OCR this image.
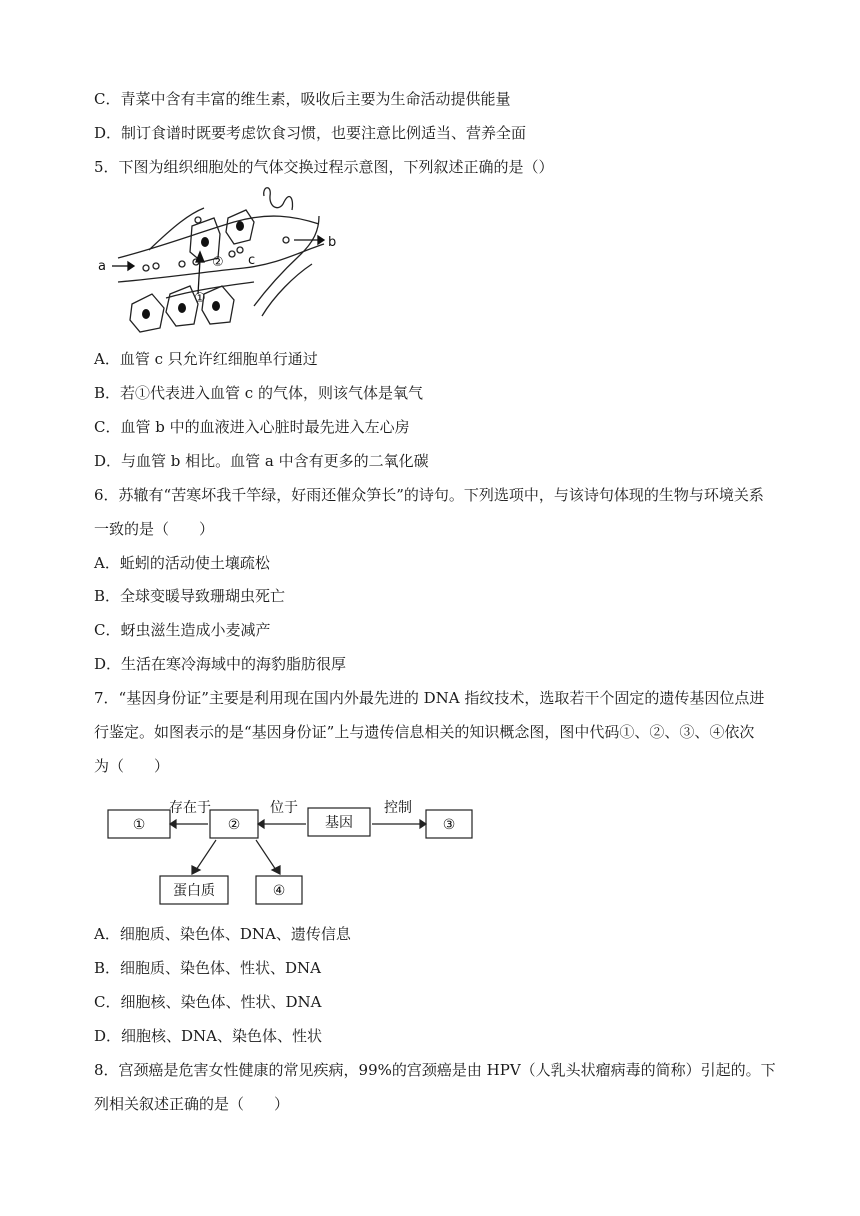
C．青菜中含有丰富的维生素，吸收后主要为生命活动提供能量
D．制订食谱时既要考虑饮食习惯，也要注意比例适当、营养全面
5．下图为组织细胞处的气体交换过程示意图，下列叙述正确的是（）
a
b
c
①
②
A．血管 c 只允许红细胞单行通过
B．若①代表进入血管 c 的气体，则该气体是氧气
C．血管 b 中的血液进入心脏时最先进入左心房
D．与血管 b 相比。血管 a 中含有更多的二氧化碳
6．苏辙有“苦寒坏我千竿绿，好雨还催众笋长”的诗句。下列选项中，与该诗句体现的生物与环境关系
一致的是（　　）
A．蚯蚓的活动使土壤疏松
B．全球变暖导致珊瑚虫死亡
C．蚜虫滋生造成小麦减产
D．生活在寒冷海域中的海豹脂肪很厚
7．“基因身份证”主要是利用现在国内外最先进的 DNA 指纹技术，选取若干个固定的遗传基因位点进
行鉴定。如图表示的是“基因身份证”上与遗传信息相关的知识概念图，图中代码①、②、③、④依次
为（　　）
①	②	基因	③
蛋白质	④
存在于	位于	控制
A．细胞质、染色体、DNA、遗传信息
B．细胞质、染色体、性状、DNA
C．细胞核、染色体、性状、DNA
D．细胞核、DNA、染色体、性状
8．宫颈癌是危害女性健康的常见疾病，99%的宫颈癌是由 HPV（人乳头状瘤病毒的简称）引起的。下
列相关叙述正确的是（　　）
